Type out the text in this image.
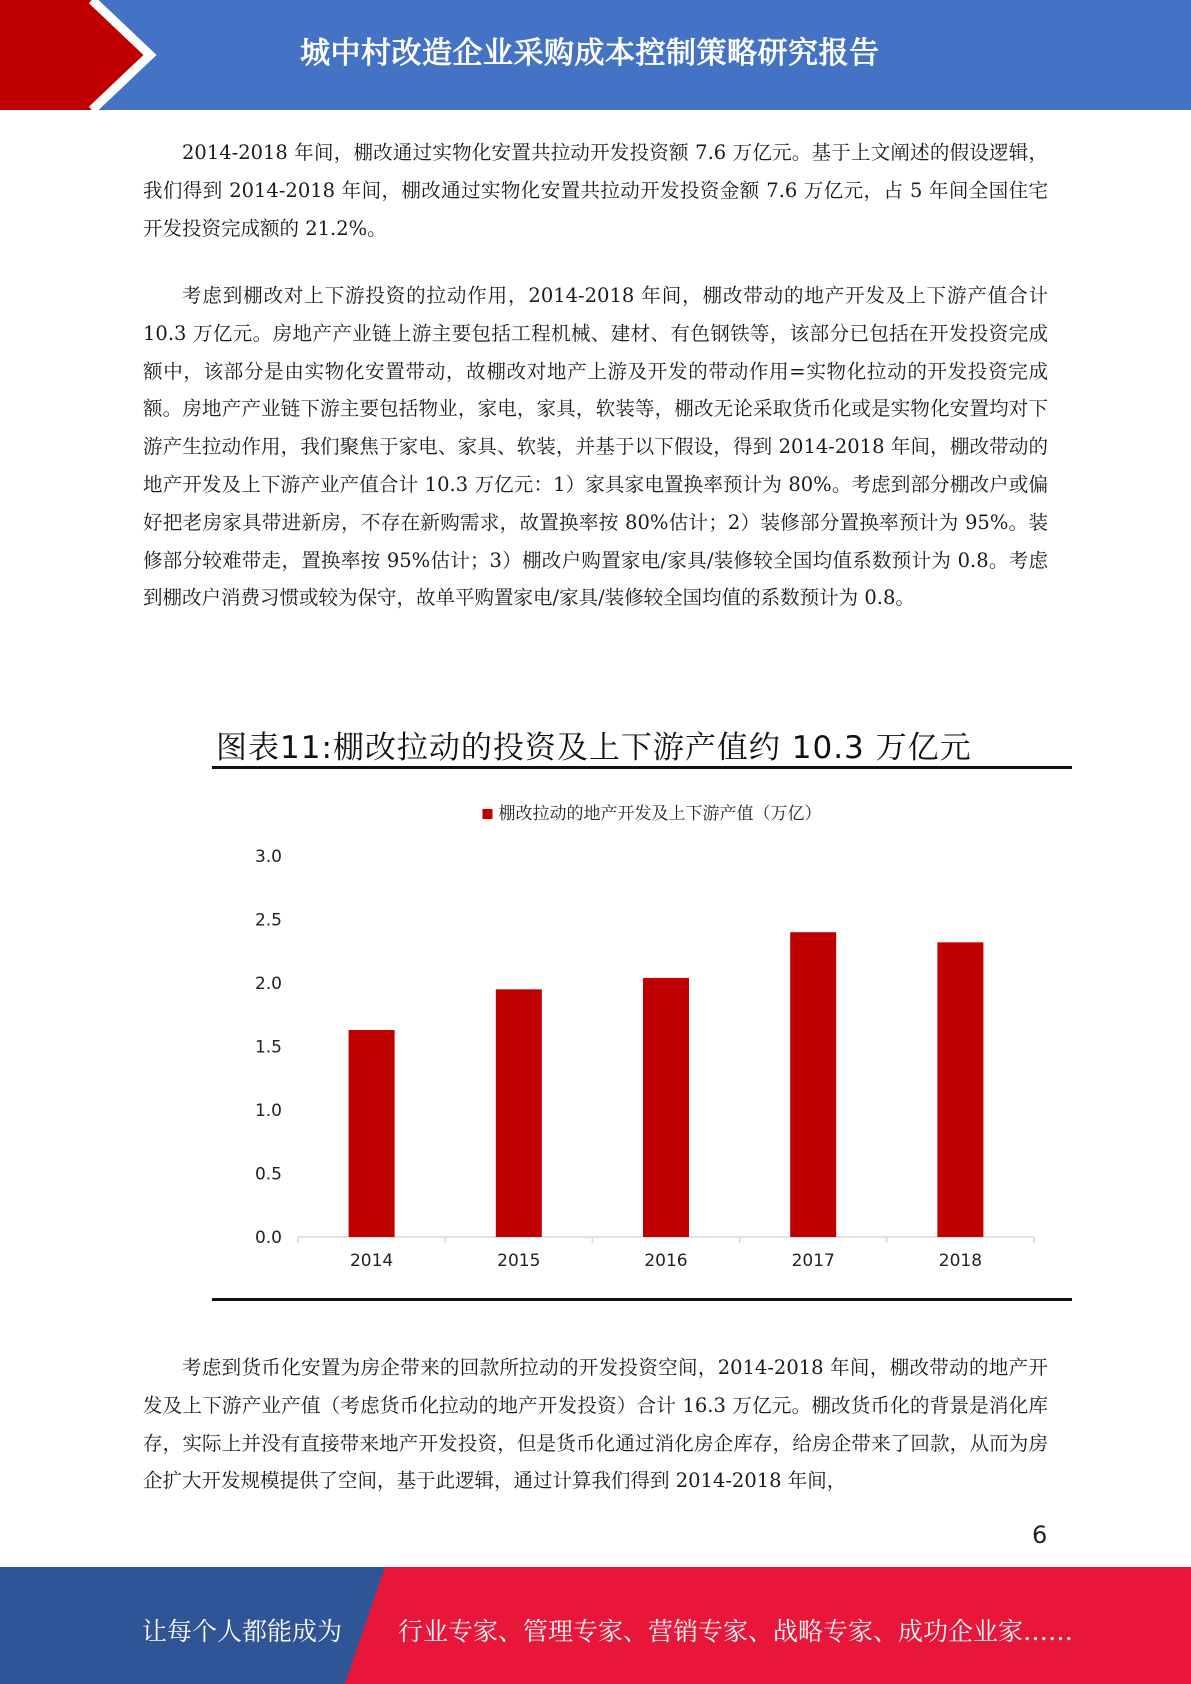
城中村改造企业采购成本控制策略研究报告

2014-2018 年间，棚改通过实物化安置共拉动开发投资额 7.6 万亿元。基于上文阐述的假设逻辑，我们得到 2014-2018 年间，棚改通过实物化安置共拉动开发投资金额 7.6 万亿元，占 5 年间全国住宅开发投资完成额的 21.2%。

考虑到棚改对上下游投资的拉动作用，2014-2018 年间，棚改带动的地产开发及上下游产值合计 10.3 万亿元。房地产产业链上游主要包括工程机械、建材、有色钢铁等，该部分已包括在开发投资完成额中，该部分是由实物化安置带动，故棚改对地产上游及开发的带动作用=实物化拉动的开发投资完成额。房地产产业链下游主要包括物业，家电，家具，软装等，棚改无论采取货币化或是实物化安置均对下游产生拉动作用，我们聚焦于家电、家具、软装，并基于以下假设，得到 2014-2018 年间，棚改带动的地产开发及上下游产业产值合计 10.3 万亿元：1）家具家电置换率预计为 80%。考虑到部分棚改户或偏好把老房家具带进新房，不存在新购需求，故置换率按 80%估计；2）装修部分置换率预计为 95%。装修部分较难带走，置换率按 95%估计；3）棚改户购置家电/家具/装修较全国均值系数预计为 0.8。考虑到棚改户消费习惯或较为保守，故单平购置家电/家具/装修较全国均值的系数预计为 0.8。

图表11:棚改拉动的投资及上下游产值约 10.3 万亿元
棚改拉动的地产开发及上下游产值（万亿）
0.0
0.5
1.0
1.5
2.0
2.5
3.0
2014	2015	2016	2017	2018

考虑到货币化安置为房企带来的回款所拉动的开发投资空间，2014-2018 年间，棚改带动的地产开发及上下游产业产值（考虑货币化拉动的地产开发投资）合计 16.3 万亿元。棚改货币化的背景是消化库存，实际上并没有直接带来地产开发投资，但是货币化通过消化房企库存，给房企带来了回款，从而为房企扩大开发规模提供了空间，基于此逻辑，通过计算我们得到 2014-2018 年间，

6
让每个人都能成为 行业专家、管理专家、营销专家、战略专家、成功企业家……
